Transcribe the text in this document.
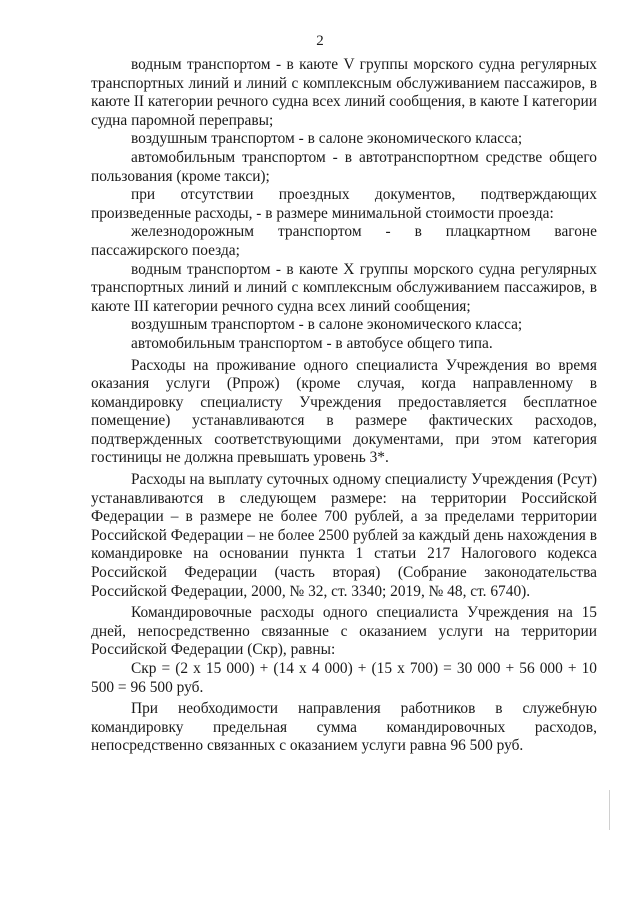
2

водным транспортом - в каюте V группы морского судна регулярных транспортных линий и линий с комплексным обслуживанием пассажиров, в каюте II категории речного судна всех линий сообщения, в каюте I категории судна паромной переправы;

воздушным транспортом - в салоне экономического класса;

автомобильным транспортом - в автотранспортном средстве общего пользования (кроме такси);

при отсутствии проездных документов, подтверждающих произведенные расходы, - в размере минимальной стоимости проезда:

железнодорожным транспортом - в плацкартном вагоне пассажирского поезда;

водным транспортом - в каюте X группы морского судна регулярных транспортных линий и линий с комплексным обслуживанием пассажиров, в каюте III категории речного судна всех линий сообщения;

воздушным транспортом - в салоне экономического класса;

автомобильным транспортом - в автобусе общего типа.

Расходы на проживание одного специалиста Учреждения во время оказания услуги (Рпрож) (кроме случая, когда направленному в командировку специалисту Учреждения предоставляется бесплатное помещение) устанавливаются в размере фактических расходов, подтвержденных соответствующими документами, при этом категория гостиницы не должна превышать уровень 3*.

Расходы на выплату суточных одному специалисту Учреждения (Рсут) устанавливаются в следующем размере: на территории Российской Федерации – в размере не более 700 рублей, а за пределами территории Российской Федерации – не более 2500 рублей за каждый день нахождения в командировке на основании пункта 1 статьи 217 Налогового кодекса Российской Федерации (часть вторая) (Собрание законодательства Российской Федерации, 2000, № 32, ст. 3340; 2019, № 48, ст. 6740).

Командировочные расходы одного специалиста Учреждения на 15 дней, непосредственно связанные с оказанием услуги на территории Российской Федерации (Скр), равны:

Скр = (2 х 15 000) + (14 х 4 000) + (15 х 700) = 30 000 + 56 000 + 10 500 = 96 500 руб.

При необходимости направления работников в служебную командировку предельная сумма командировочных расходов, непосредственно связанных с оказанием услуги равна 96 500 руб.
